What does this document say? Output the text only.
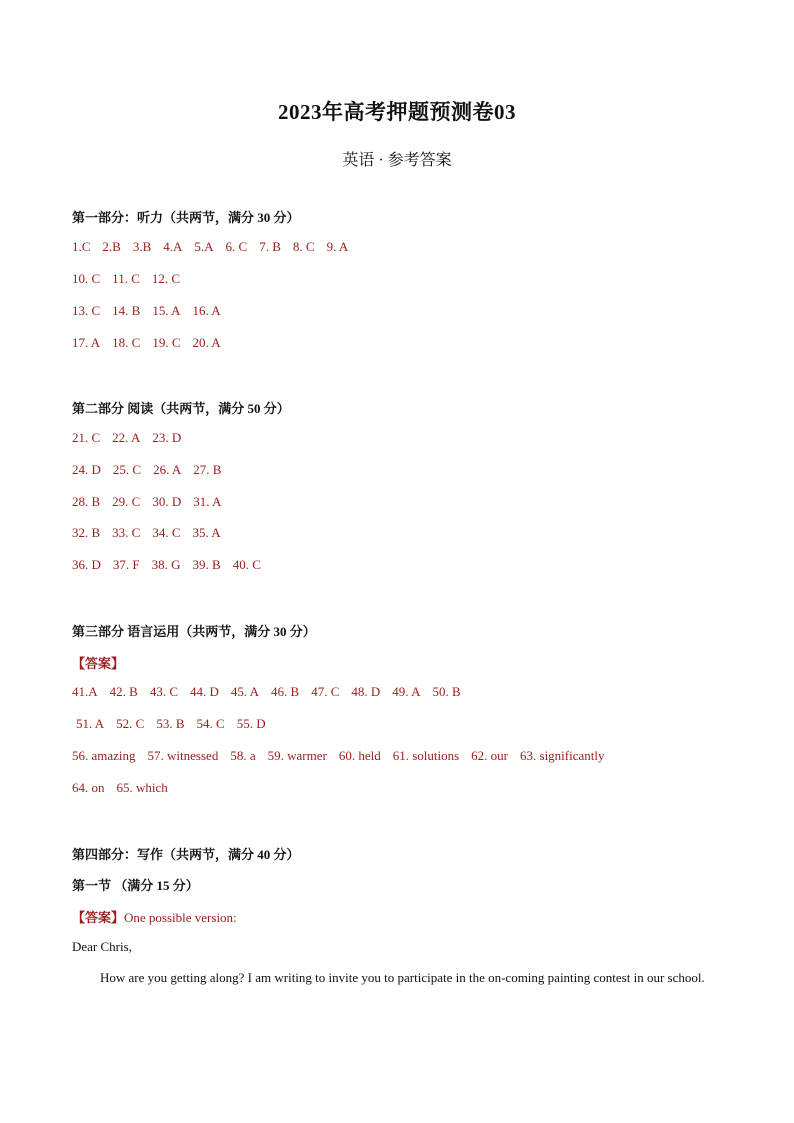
2023年高考押题预测卷03
英语 · 参考答案
第一部分：听力（共两节，满分 30 分）
1.C 2.B 3.B 4.A 5.A 6. C 7. B 8. C 9. A
10. C 11. C 12. C
13. C 14. B 15. A 16. A
17. A 18. C 19. C 20. A
第二部分 阅读（共两节，满分 50 分）
21. C 22. A 23. D
24. D 25. C 26. A 27. B
28. B 29. C 30. D 31. A
32. B 33. C 34. C 35. A
36. D 37. F 38. G 39. B 40. C
第三部分 语言运用（共两节，满分 30 分）
【答案】
41.A 42. B 43. C 44. D 45. A 46. B 47. C 48. D 49. A 50. B
51. A 52. C 53. B 54. C 55. D
56. amazing 57. witnessed 58. a 59. warmer 60. held 61. solutions 62. our 63. significantly
64. on 65. which
第四部分：写作（共两节，满分 40 分）
第一节 （满分 15 分）
【答案】One possible version:
Dear Chris,
How are you getting along? I am writing to invite you to participate in the on-coming painting contest in our school.
